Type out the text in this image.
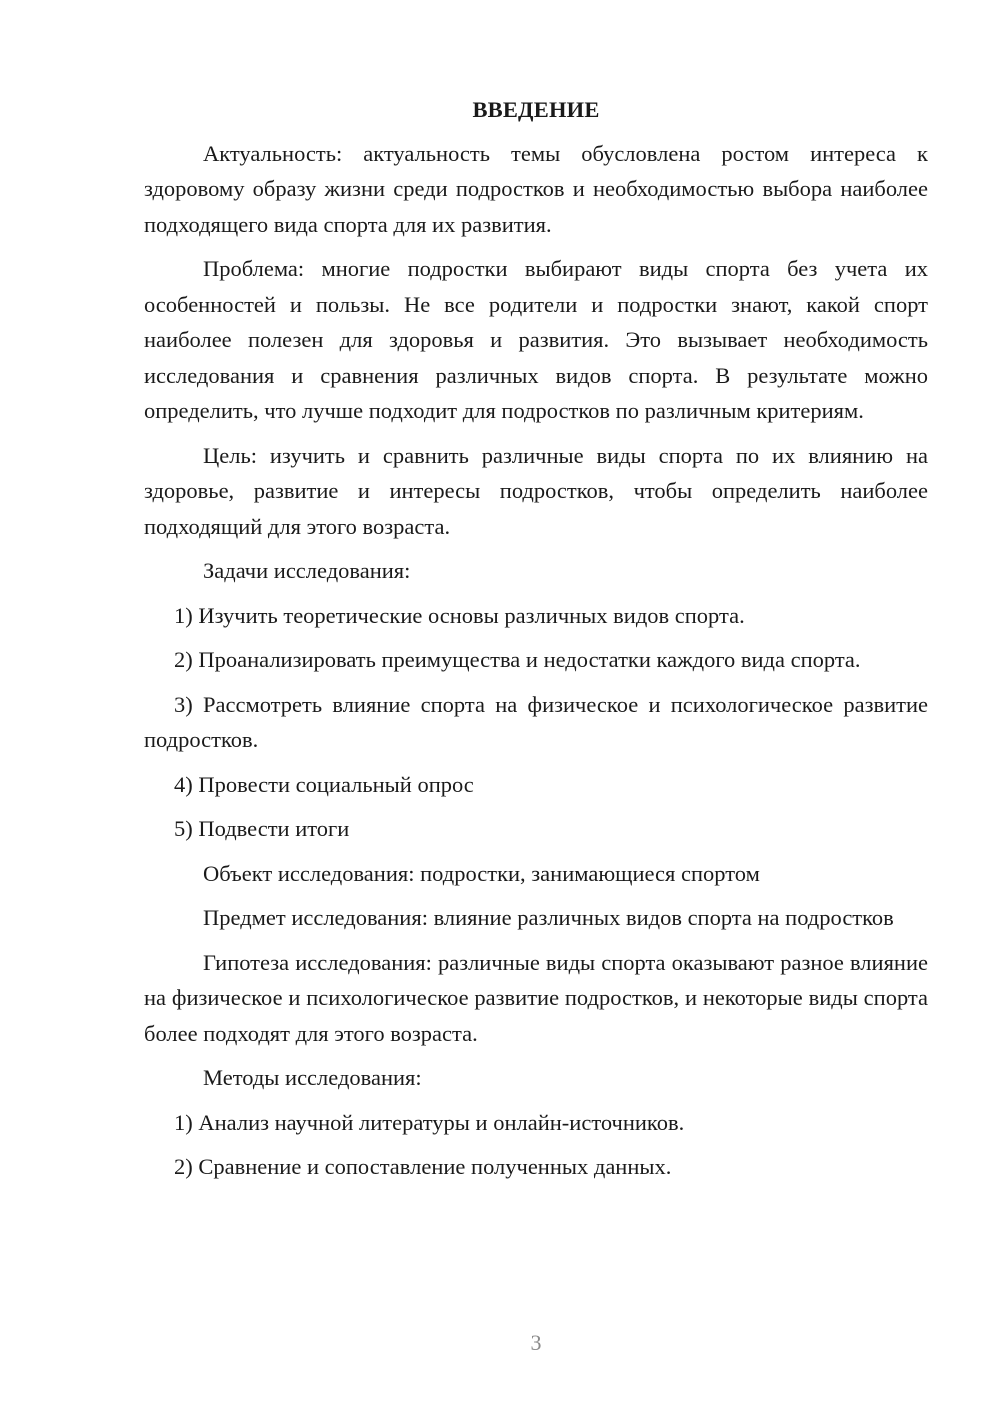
ВВЕДЕНИЕ
Актуальность: актуальность темы обусловлена ростом интереса к здоровому образу жизни среди подростков и необходимостью выбора наиболее подходящего вида спорта для их развития.
Проблема: многие подростки выбирают виды спорта без учета их особенностей и пользы. Не все родители и подростки знают, какой спорт наиболее полезен для здоровья и развития. Это вызывает необходимость исследования и сравнения различных видов спорта. В результате можно определить, что лучше подходит для подростков по различным критериям.
Цель: изучить и сравнить различные виды спорта по их влиянию на здоровье, развитие и интересы подростков, чтобы определить наиболее подходящий для этого возраста.
Задачи исследования:
1) Изучить теоретические основы различных видов спорта.
2) Проанализировать преимущества и недостатки каждого вида спорта.
3) Рассмотреть влияние спорта на физическое и психологическое развитие подростков.
4) Провести социальный опрос
5) Подвести итоги
Объект исследования: подростки, занимающиеся спортом
Предмет исследования: влияние различных видов спорта на подростков
Гипотеза исследования: различные виды спорта оказывают разное влияние на физическое и психологическое развитие подростков, и некоторые виды спорта более подходят для этого возраста.
Методы исследования:
1) Анализ научной литературы и онлайн-источников.
2) Сравнение и сопоставление полученных данных.
3
